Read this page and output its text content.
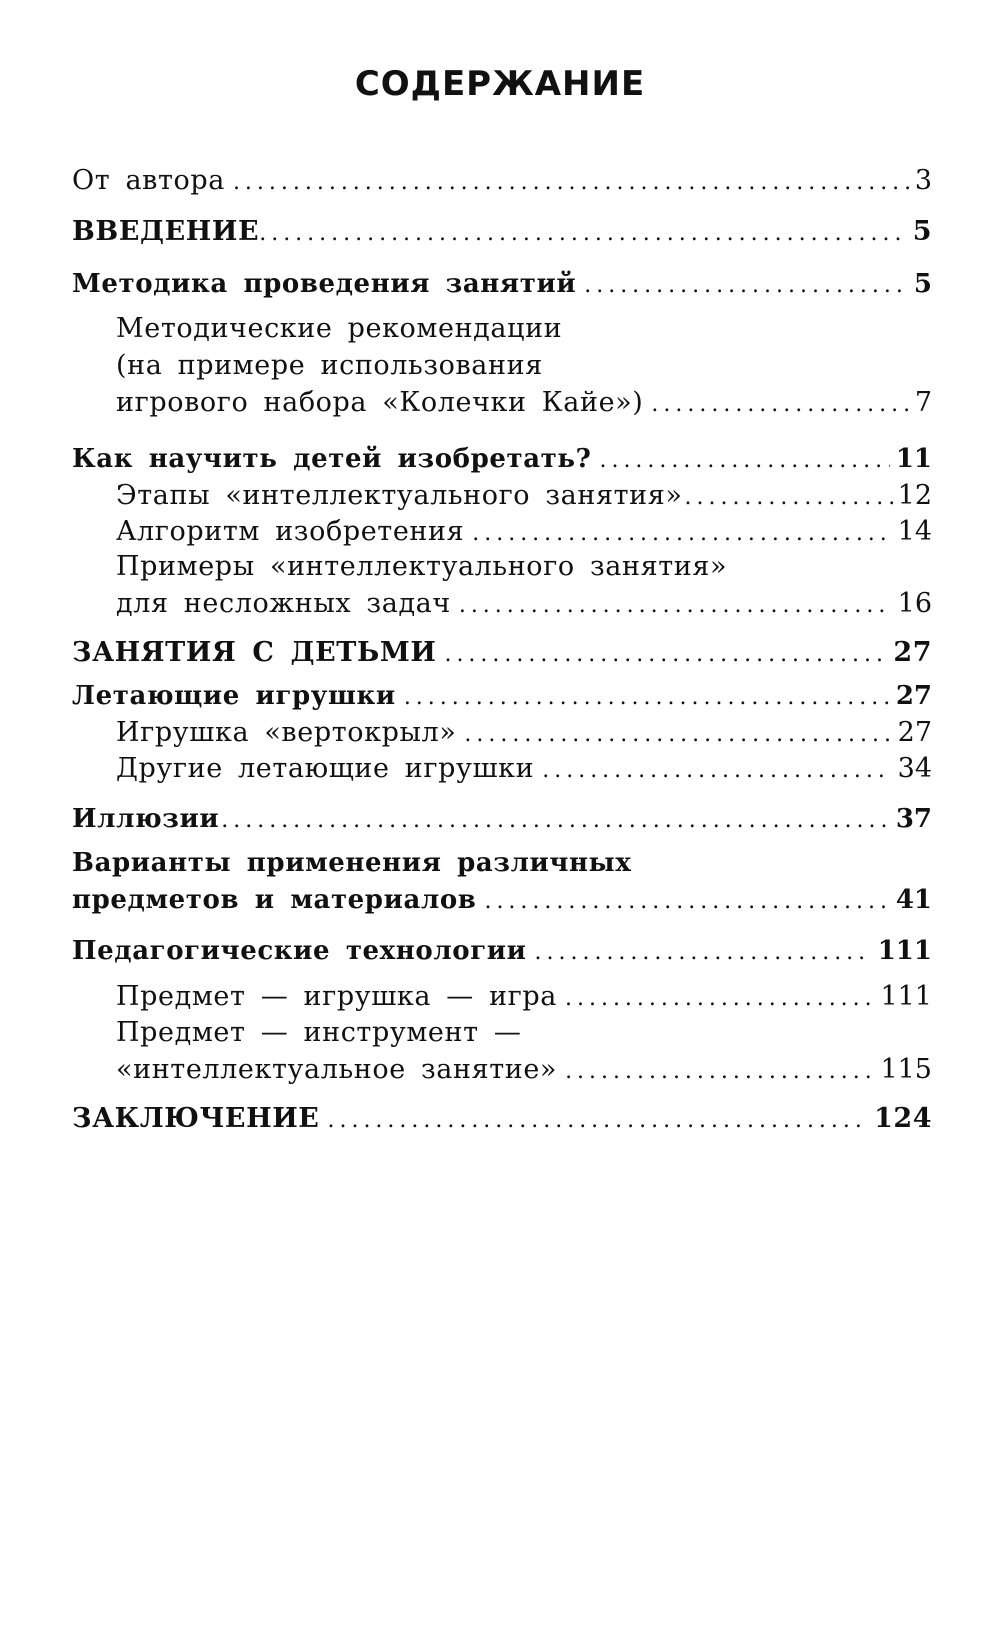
СОДЕРЖАНИЕ
От автора . . .	3
ВВЕДЕНИЕ . . .	5
Методика проведения занятий . . .	5
Методические рекомендации
(на примере использования
игрового набора «Колечки Кайе») . . .	7
Как научить детей изобретать? . . .	11
Этапы «интеллектуального занятия» . . .	12
Алгоритм изобретения . . .	14
Примеры «интеллектуального занятия»
для несложных задач . . .	16
ЗАНЯТИЯ С ДЕТЬМИ . . .	27
Летающие игрушки . . .	27
Игрушка «вертокрыл» . . .	27
Другие летающие игрушки . . .	34
Иллюзии . . .	37
Варианты применения различных
предметов и материалов . . .	41
Педагогические технологии . . .	111
Предмет — игрушка — игра . . .	111
Предмет — инструмент —
«интеллектуальное занятие» . . .	115
ЗАКЛЮЧЕНИЕ . . .	124
